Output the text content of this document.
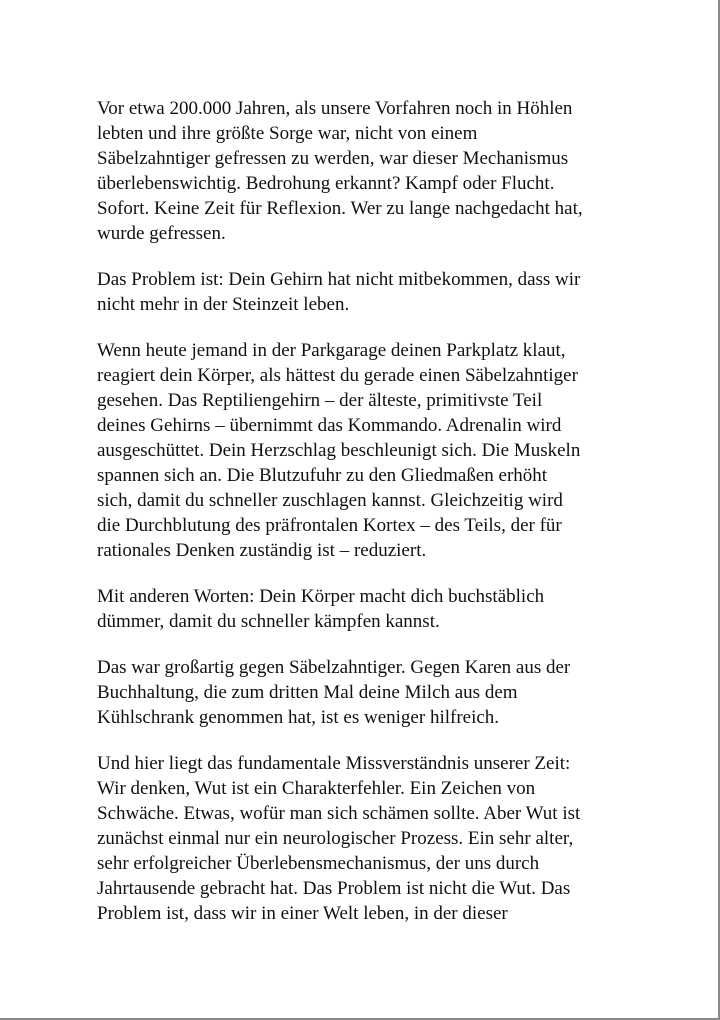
Vor etwa 200.000 Jahren, als unsere Vorfahren noch in Höhlen
lebten und ihre größte Sorge war, nicht von einem
Säbelzahntiger gefressen zu werden, war dieser Mechanismus
überlebenswichtig. Bedrohung erkannt? Kampf oder Flucht.
Sofort. Keine Zeit für Reflexion. Wer zu lange nachgedacht hat,
wurde gefressen.

Das Problem ist: Dein Gehirn hat nicht mitbekommen, dass wir
nicht mehr in der Steinzeit leben.

Wenn heute jemand in der Parkgarage deinen Parkplatz klaut,
reagiert dein Körper, als hättest du gerade einen Säbelzahntiger
gesehen. Das Reptiliengehirn – der älteste, primitivste Teil
deines Gehirns – übernimmt das Kommando. Adrenalin wird
ausgeschüttet. Dein Herzschlag beschleunigt sich. Die Muskeln
spannen sich an. Die Blutzufuhr zu den Gliedmaßen erhöht
sich, damit du schneller zuschlagen kannst. Gleichzeitig wird
die Durchblutung des präfrontalen Kortex – des Teils, der für
rationales Denken zuständig ist – reduziert.

Mit anderen Worten: Dein Körper macht dich buchstäblich
dümmer, damit du schneller kämpfen kannst.

Das war großartig gegen Säbelzahntiger. Gegen Karen aus der
Buchhaltung, die zum dritten Mal deine Milch aus dem
Kühlschrank genommen hat, ist es weniger hilfreich.

Und hier liegt das fundamentale Missverständnis unserer Zeit:
Wir denken, Wut ist ein Charakterfehler. Ein Zeichen von
Schwäche. Etwas, wofür man sich schämen sollte. Aber Wut ist
zunächst einmal nur ein neurologischer Prozess. Ein sehr alter,
sehr erfolgreicher Überlebensmechanismus, der uns durch
Jahrtausende gebracht hat. Das Problem ist nicht die Wut. Das
Problem ist, dass wir in einer Welt leben, in der dieser
